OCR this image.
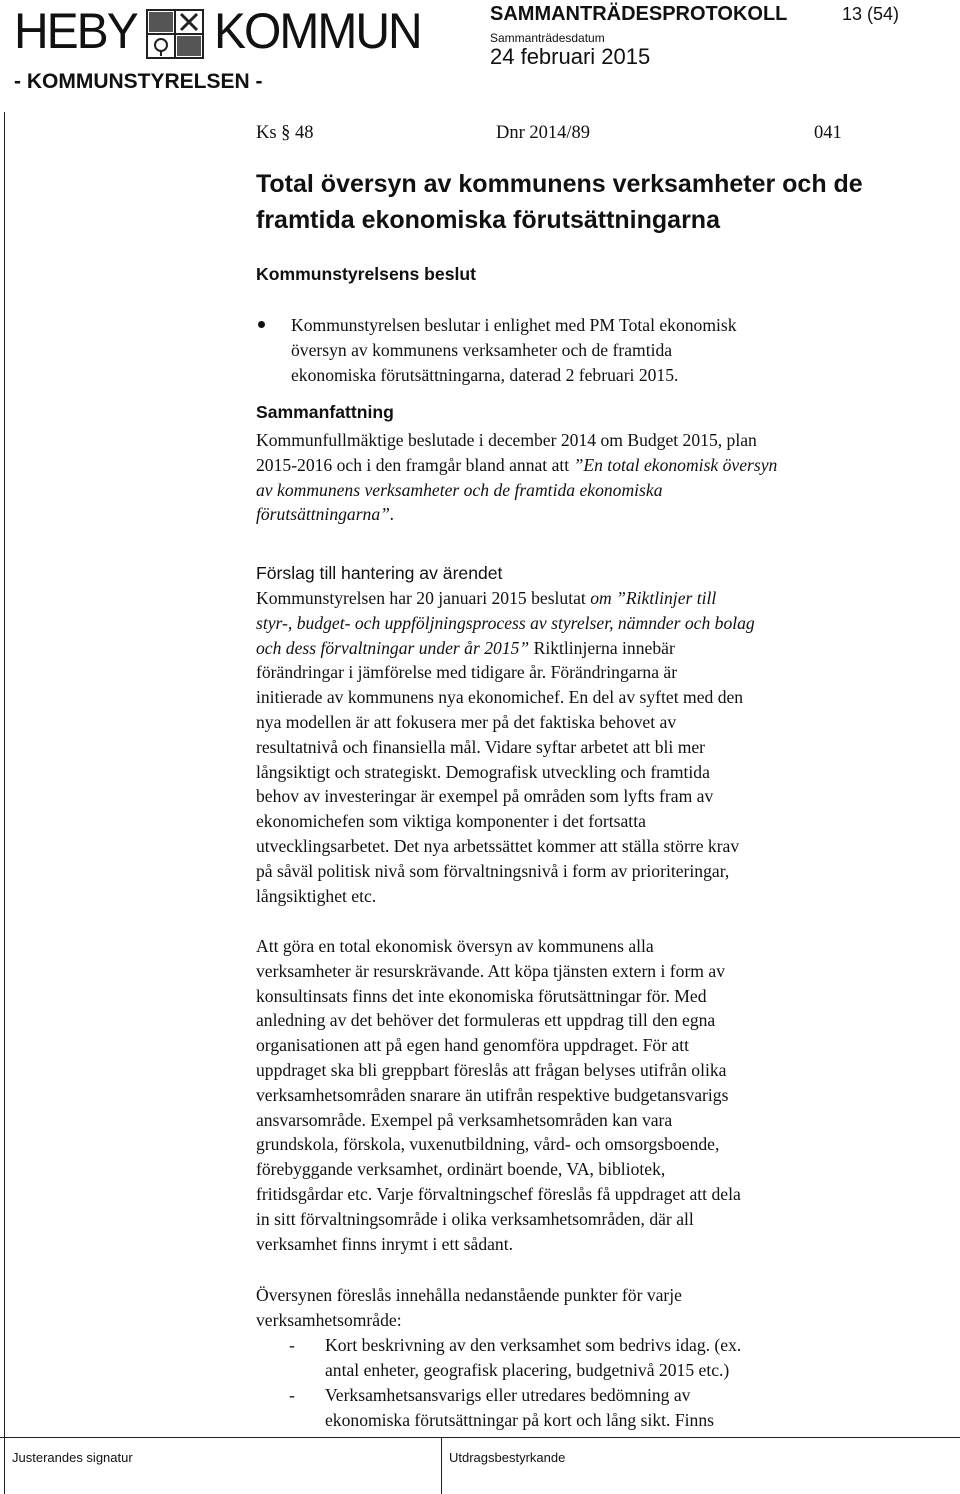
HEBY KOMMUN
- KOMMUNSTYRELSEN -
SAMMANTRÄDESPROTOKOLL	13 (54)
Sammanträdesdatum
24 februari 2015
Ks § 48	Dnr 2014/89	041
Total översyn av kommunens verksamheter och de
framtida ekonomiska förutsättningarna
Kommunstyrelsens beslut
Kommunstyrelsen beslutar i enlighet med PM Total ekonomisk
översyn av kommunens verksamheter och de framtida
ekonomiska förutsättningarna, daterad 2 februari 2015.
Sammanfattning
Kommunfullmäktige beslutade i december 2014 om Budget 2015, plan
2015-2016 och i den framgår bland annat att ”En total ekonomisk översyn
av kommunens verksamheter och de framtida ekonomiska
förutsättningarna”.
Förslag till hantering av ärendet
Kommunstyrelsen har 20 januari 2015 beslutat om ”Riktlinjer till
styr-, budget- och uppföljningsprocess av styrelser, nämnder och bolag
och dess förvaltningar under år 2015” Riktlinjerna innebär
förändringar i jämförelse med tidigare år. Förändringarna är
initierade av kommunens nya ekonomichef. En del av syftet med den
nya modellen är att fokusera mer på det faktiska behovet av
resultatnivå och finansiella mål. Vidare syftar arbetet att bli mer
långsiktigt och strategiskt. Demografisk utveckling och framtida
behov av investeringar är exempel på områden som lyfts fram av
ekonomichefen som viktiga komponenter i det fortsatta
utvecklingsarbetet. Det nya arbetssättet kommer att ställa större krav
på såväl politisk nivå som förvaltningsnivå i form av prioriteringar,
långsiktighet etc.
Att göra en total ekonomisk översyn av kommunens alla
verksamheter är resurskrävande. Att köpa tjänsten extern i form av
konsultinsats finns det inte ekonomiska förutsättningar för. Med
anledning av det behöver det formuleras ett uppdrag till den egna
organisationen att på egen hand genomföra uppdraget. För att
uppdraget ska bli greppbart föreslås att frågan belyses utifrån olika
verksamhetsområden snarare än utifrån respektive budgetansvarigs
ansvarsområde. Exempel på verksamhetsområden kan vara
grundskola, förskola, vuxenutbildning, vård- och omsorgsboende,
förebyggande verksamhet, ordinärt boende, VA, bibliotek,
fritidsgårdar etc. Varje förvaltningschef föreslås få uppdraget att dela
in sitt förvaltningsområde i olika verksamhetsområden, där all
verksamhet finns inrymt i ett sådant.
Översynen föreslås innehålla nedanstående punkter för varje
verksamhetsområde:
- Kort beskrivning av den verksamhet som bedrivs idag. (ex.
antal enheter, geografisk placering, budgetnivå 2015 etc.)
- Verksamhetsansvarigs eller utredares bedömning av
ekonomiska förutsättningar på kort och lång sikt. Finns
Justerandes signatur	Utdragsbestyrkande
